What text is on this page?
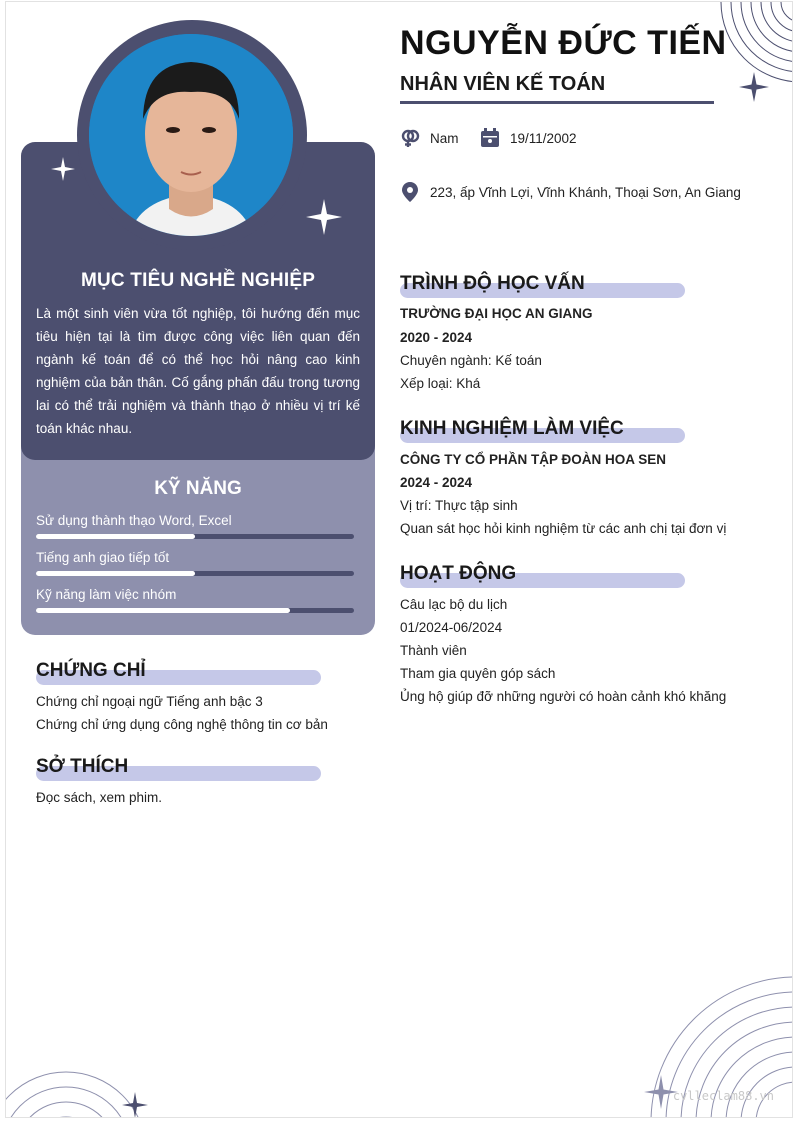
cvlleclam88.vn
MỤC TIÊU NGHỀ NGHIỆP
Là một sinh viên vừa tốt nghiệp, tôi hướng đến mục tiêu hiện tại là tìm được công việc liên quan đến ngành kế toán để có thể học hỏi nâng cao kinh nghiệm của bản thân. Cố gắng phấn đấu trong tương lai có thể trải nghiệm và thành thạo ở nhiều vị trí kế toán khác nhau.
KỸ NĂNG
Sử dụng thành thạo Word, Excel
Tiếng anh giao tiếp tốt
Kỹ năng làm việc nhóm
CHỨNG CHỈ
Chứng chỉ ngoại ngữ Tiếng anh bậc 3
Chứng chỉ ứng dụng công nghệ thông tin cơ bản
SỞ THÍCH
Đọc sách, xem phim.
NGUYỄN ĐỨC TIẾN
NHÂN VIÊN KẾ TOÁN
Nam	19/11/2002
223, ấp Vĩnh Lợi, Vĩnh Khánh, Thoại Sơn, An Giang
TRÌNH ĐỘ HỌC VẤN
TRƯỜNG ĐẠI HỌC AN GIANG
2020 - 2024
Chuyên ngành: Kế toán
Xếp loại: Khá
KINH NGHIỆM LÀM VIỆC
CÔNG TY CỔ PHẦN TẬP ĐOÀN HOA SEN
2024 - 2024
Vị trí: Thực tập sinh
Quan sát học hỏi kinh nghiệm từ các anh chị tại đơn vị
HOẠT ĐỘNG
Câu lạc bộ du lịch
01/2024-06/2024
Thành viên
Tham gia quyên góp sách
Ủng hộ giúp đỡ những người có hoàn cảnh khó khăng
